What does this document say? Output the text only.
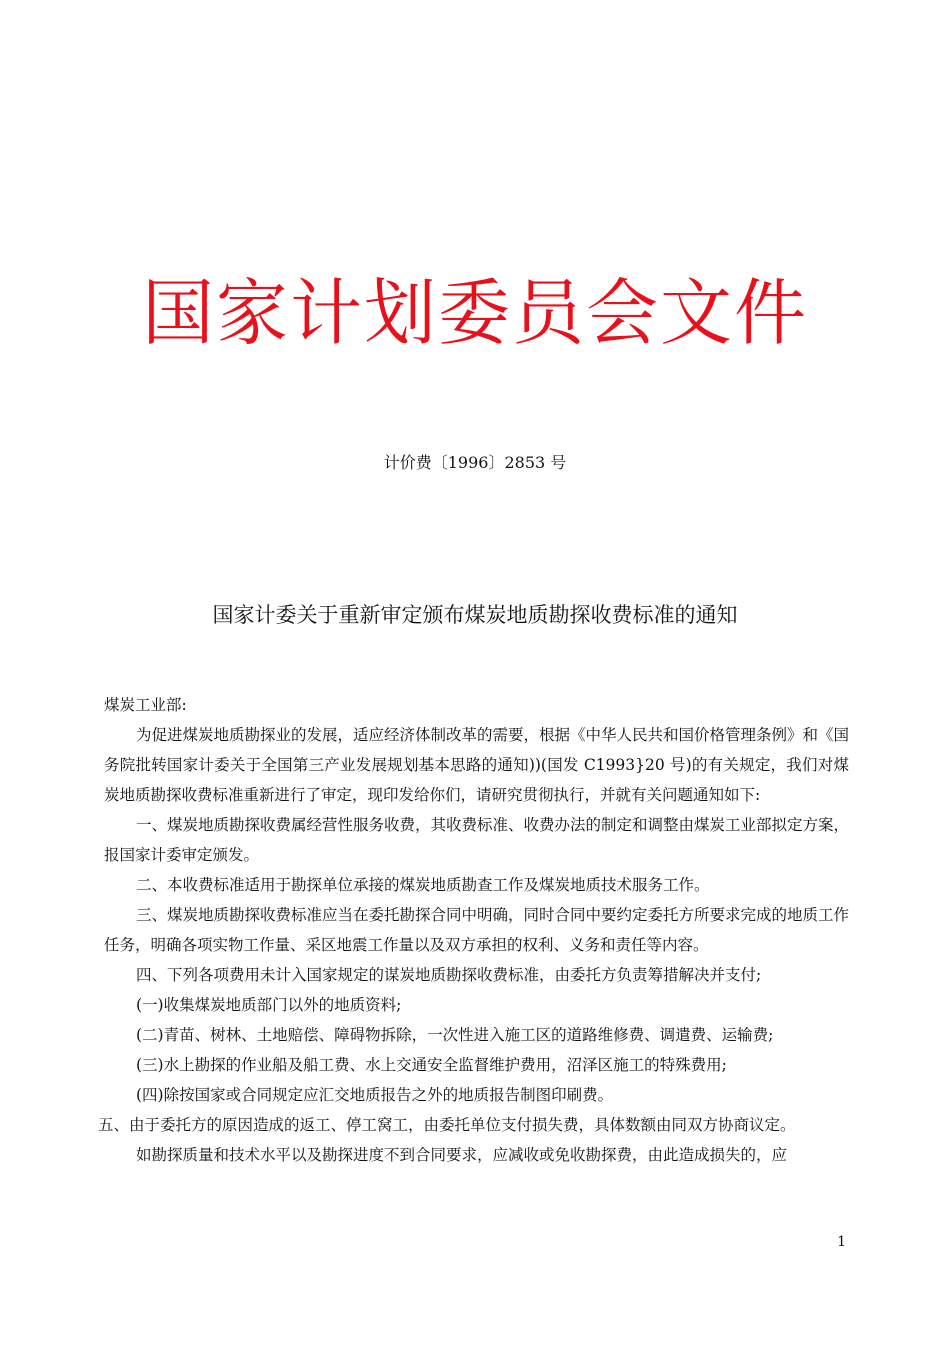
国家计划委员会文件
计价费〔1996〕2853 号
国家计委关于重新审定颁布煤炭地质勘探收费标准的通知

煤炭工业部:

为促进煤炭地质勘探业的发展，适应经济体制改革的需要，根据《中华人民共和国价格管理条例》和《国务院批转国家计委关于全国第三产业发展规划基本思路的通知))(国发 C1993}20 号)的有关规定，我们对煤炭地质勘探收费标准重新进行了审定，现印发给你们，请研究贯彻执行，并就有关问题通知如下:

一、煤炭地质勘探收费属经营性服务收费，其收费标准、收费办法的制定和调整由煤炭工业部拟定方案，报国家计委审定颁发。

二、本收费标准适用于勘探单位承接的煤炭地质勘查工作及煤炭地质技术服务工作。

三、煤炭地质勘探收费标准应当在委托勘探合同中明确，同时合同中要约定委托方所要求完成的地质工作任务，明确各项实物工作量、采区地震工作量以及双方承担的权利、义务和责任等内容。

四、下列各项费用未计入国家规定的谋炭地质勘探收费标准，由委托方负责筹措解决并支付;

(一)收集煤炭地质部门以外的地质资料;

(二)青苗、树林、土地赔偿、障碍物拆除，一次性进入施工区的道路维修费、调遣费、运输费;

(三)水上勘探的作业船及船工费、水上交通安全监督维护费用，沼泽区施工的特殊费用;

(四)除按国家或合同规定应汇交地质报告之外的地质报告制图印刷费。

五、由于委托方的原因造成的返工、停工窝工，由委托单位支付损失费，具体数额由同双方协商议定。

如勘探质量和技术水平以及勘探进度不到合同要求，应减收或免收勘探费，由此造成损失的，应

1
